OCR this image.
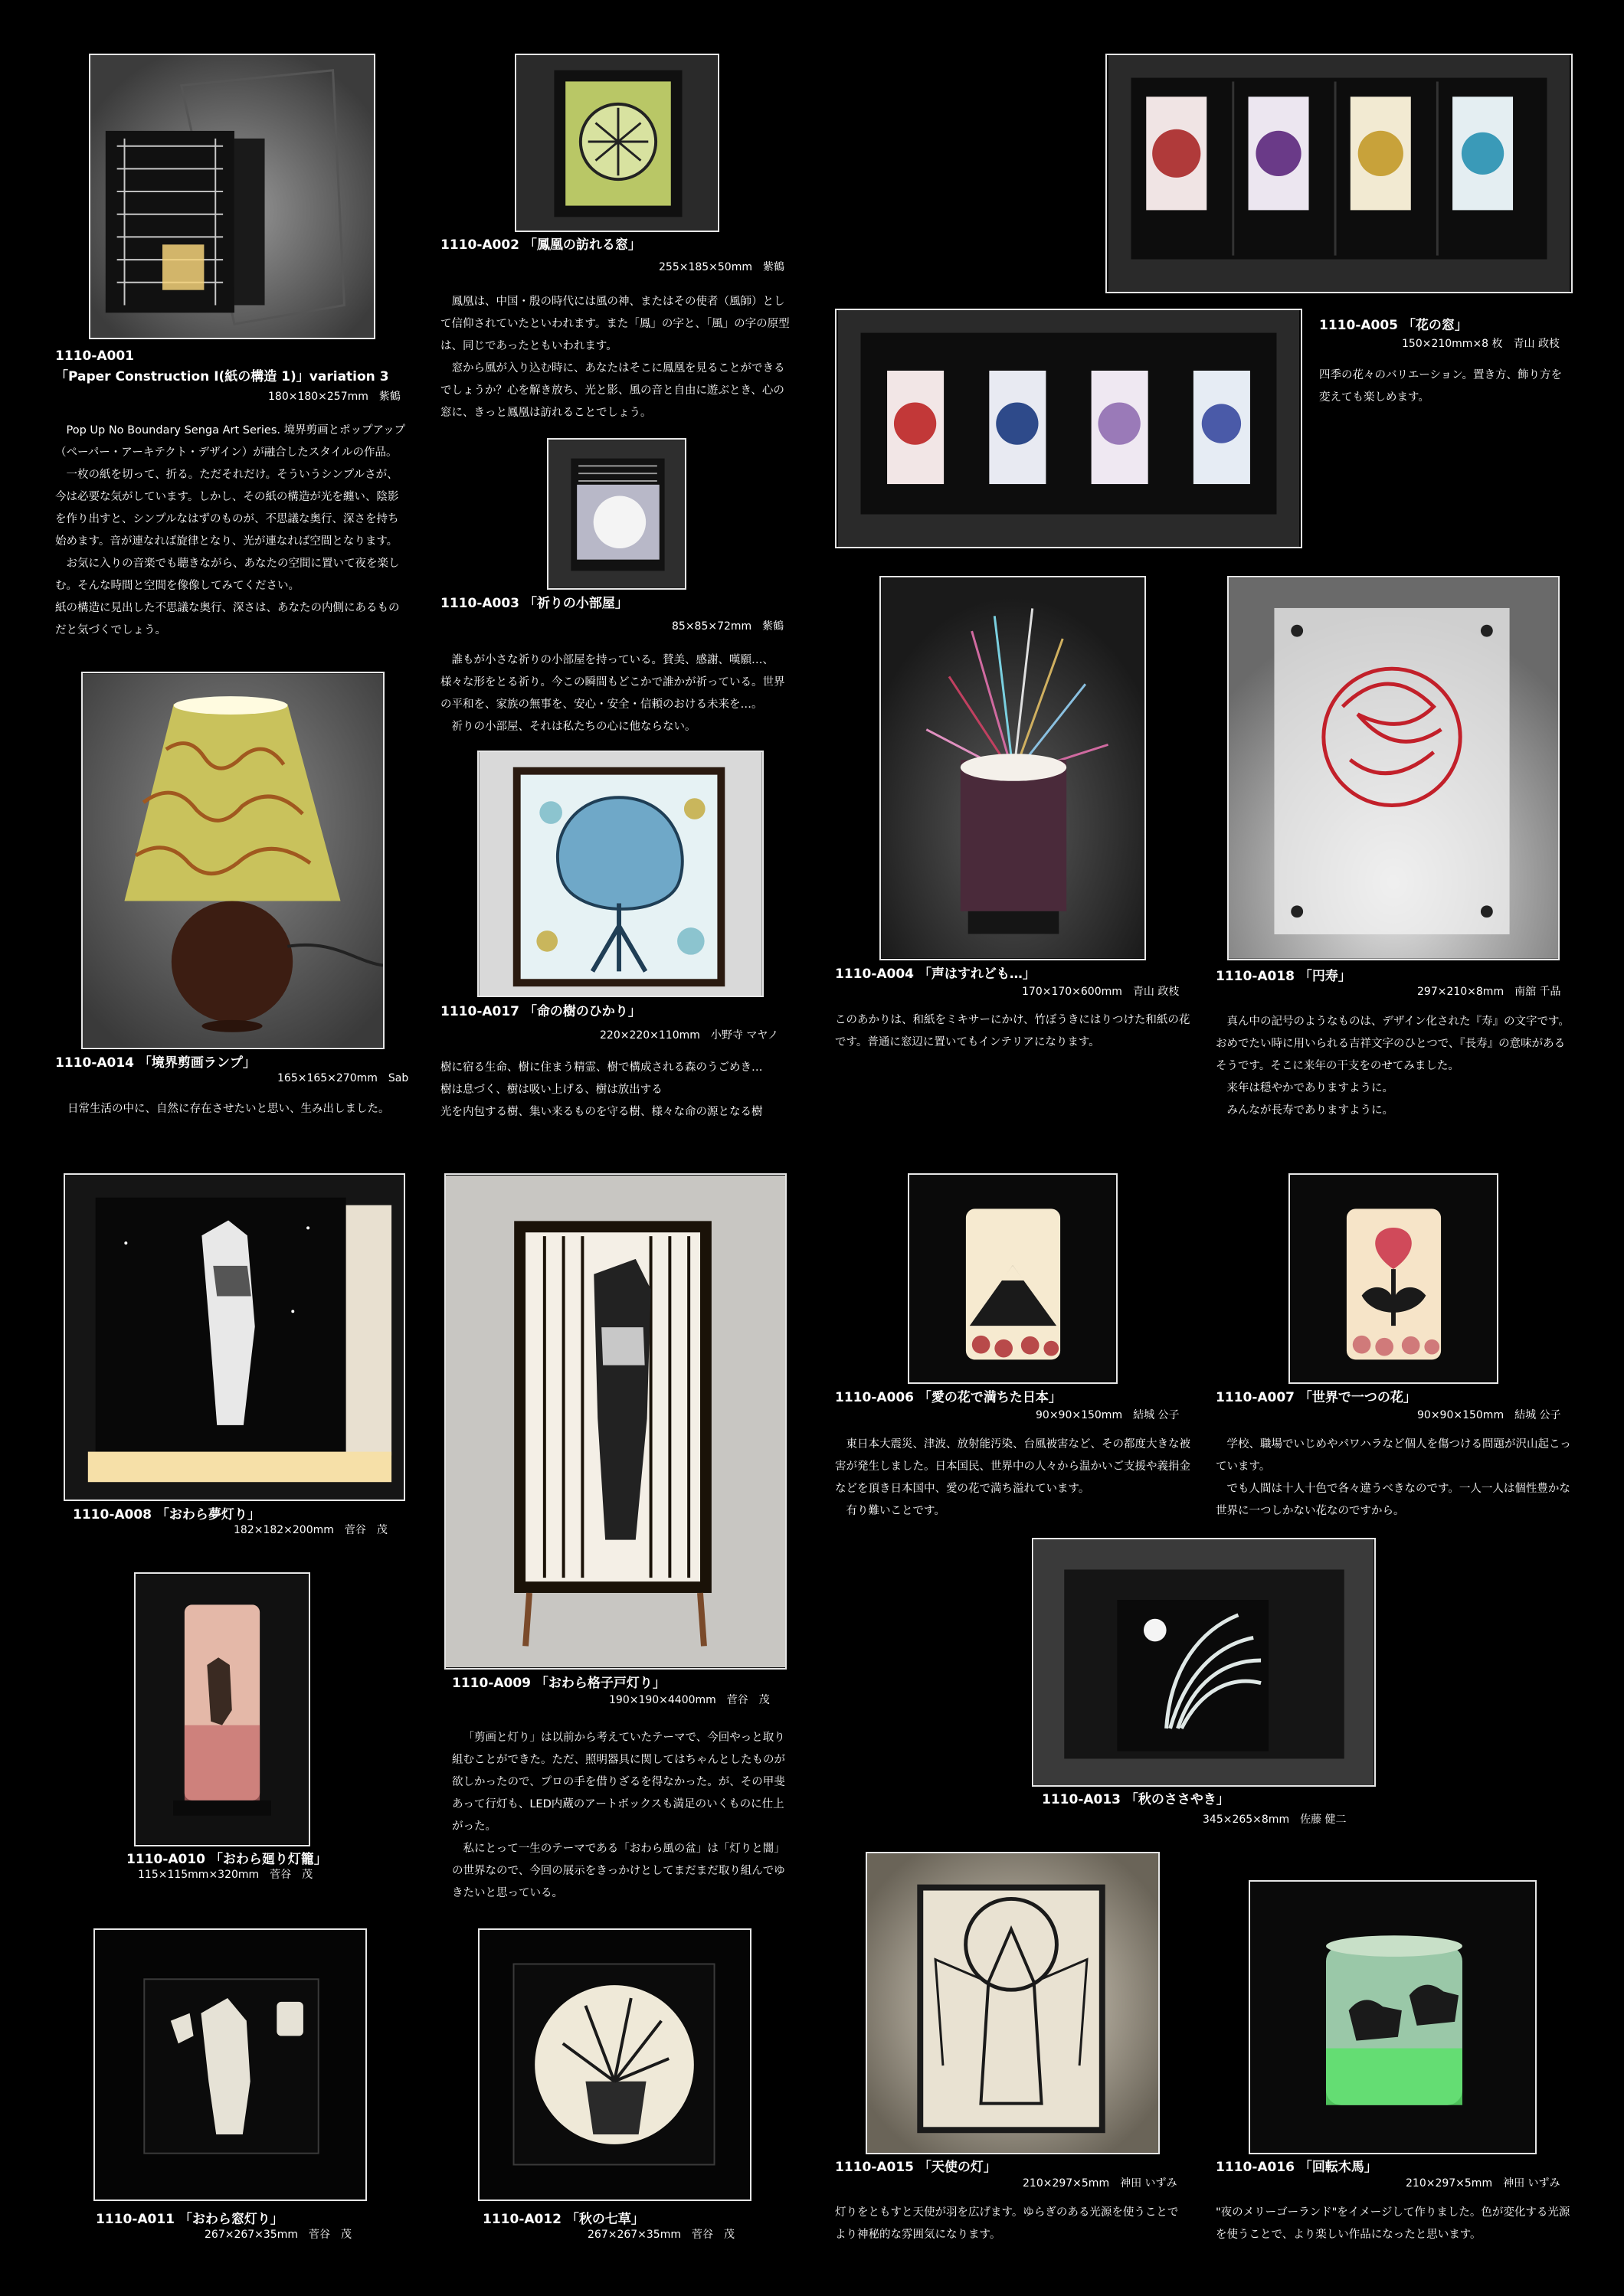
1110-A001
「Paper Construction Ⅰ(紙の構造 1)」variation 3
180×180×257mm　紫鶴

Pop Up No Boundary Senga Art Series. 境界剪画とポップアップ（ペーパー・アーキテクト・デザイン）が融合したスタイルの作品。

一枚の紙を切って、折る。ただそれだけ。そういうシンプルさが、今は必要な気がしています。しかし、その紙の構造が光を纏い、陰影を作り出すと、シンプルなはずのものが、不思議な奥行、深さを持ち始めます。音が連なれば旋律となり、光が連なれば空間となります。

お気に入りの音楽でも聴きながら、あなたの空間に置いて夜を楽しむ。そんな時間と空間を像像してみてください。

紙の構造に見出した不思議な奥行、深さは、あなたの内側にあるものだと気づくでしょう。

1110-A014 「境界剪画ランプ」
165×165×270mm　Sab
日常生活の中に、自然に存在させたいと思い、生み出しました。
1110-A002 「鳳凰の訪れる窓」
255×185×50mm　紫鶴

鳳凰は、中国・殷の時代には風の神、またはその使者（風師）として信仰されていたといわれます。また「鳳」の字と、「風」の字の原型は、同じであったともいわれます。

窓から風が入り込む時に、あなたはそこに鳳凰を見ることができるでしょうか？心を解き放ち、光と影、風の音と自由に遊ぶとき、心の窓に、きっと鳳凰は訪れることでしょう。

1110-A003 「祈りの小部屋」
85×85×72mm　紫鶴

誰もが小さな祈りの小部屋を持っている。賛美、感謝、嘆願…、様々な形をとる祈り。今この瞬間もどこかで誰かが祈っている。世界の平和を、家族の無事を、安心・安全・信頼のおける未来を…。

祈りの小部屋、それは私たちの心に他ならない。

1110-A017 「命の樹のひかり」
220×220×110mm　小野寺 マヤノ

樹に宿る生命、樹に住まう精霊、樹で構成される森のうごめき…

樹は息づく、樹は吸い上げる、樹は放出する

光を内包する樹、集い来るものを守る樹、様々な命の源となる樹

1110-A005 「花の窓」
150×210mm×8 枚　青山 政枝
四季の花々のバリエーション。置き方、飾り方を変えても楽しめます。
1110-A004 「声はすれども…」
170×170×600mm　青山 政枝
このあかりは、和紙をミキサーにかけ、竹ぼうきにはりつけた和紙の花です。普通に窓辺に置いてもインテリアになります。
1110-A018 「円寿」
297×210×8mm　南舘 千晶

真ん中の記号のようなものは、デザイン化された『寿』の文字です。おめでたい時に用いられる吉祥文字のひとつで、『長寿』の意味があるそうです。そこに来年の干支をのせてみました。

来年は穏やかでありますように。

みんなが長寿でありますように。

1110-A008 「おわら夢灯り」
182×182×200mm　菅谷　茂
1110-A009 「おわら格子戸灯り」
190×190×4400mm　菅谷　茂

「剪画と灯り」は以前から考えていたテーマで、今回やっと取り組むことができた。ただ、照明器具に関してはちゃんとしたものが欲しかったので、プロの手を借りざるを得なかった。が、その甲斐あって行灯も、LED内蔵のアートボックスも満足のいくものに仕上がった。

私にとって一生のテーマである「おわら風の盆」は「灯りと闇」の世界なので、今回の展示をきっかけとしてまだまだ取り組んでゆきたいと思っている。

1110-A010 「おわら廻り灯籠」
115×115mm×320mm　菅谷　茂
1110-A011 「おわら窓灯り」
267×267×35mm　菅谷　茂
1110-A012 「秋の七草」
267×267×35mm　菅谷　茂
1110-A006 「愛の花で満ちた日本」
90×90×150mm　結城 公子

東日本大震災、津波、放射能汚染、台風被害など、その都度大きな被害が発生しました。日本国民、世界中の人々から温かいご支援や義捐金などを頂き日本国中、愛の花で満ち溢れています。

有り難いことです。

1110-A007 「世界で一つの花」
90×90×150mm　結城 公子

学校、職場でいじめやパワハラなど個人を傷つける問題が沢山起こっています。

でも人間は十人十色で各々違うべきなのです。一人一人は個性豊かな世界に一つしかない花なのですから。

1110-A013 「秋のささやき」
345×265×8mm　佐藤 健二
1110-A015 「天使の灯」
210×297×5mm　神田 いずみ
灯りをともすと天使が羽を広げます。ゆらぎのある光源を使うことでより神秘的な雰囲気になります。
1110-A016 「回転木馬」
210×297×5mm　神田 いずみ
"夜のメリーゴーランド"をイメージして作りました。色が変化する光源を使うことで、より楽しい作品になったと思います。
